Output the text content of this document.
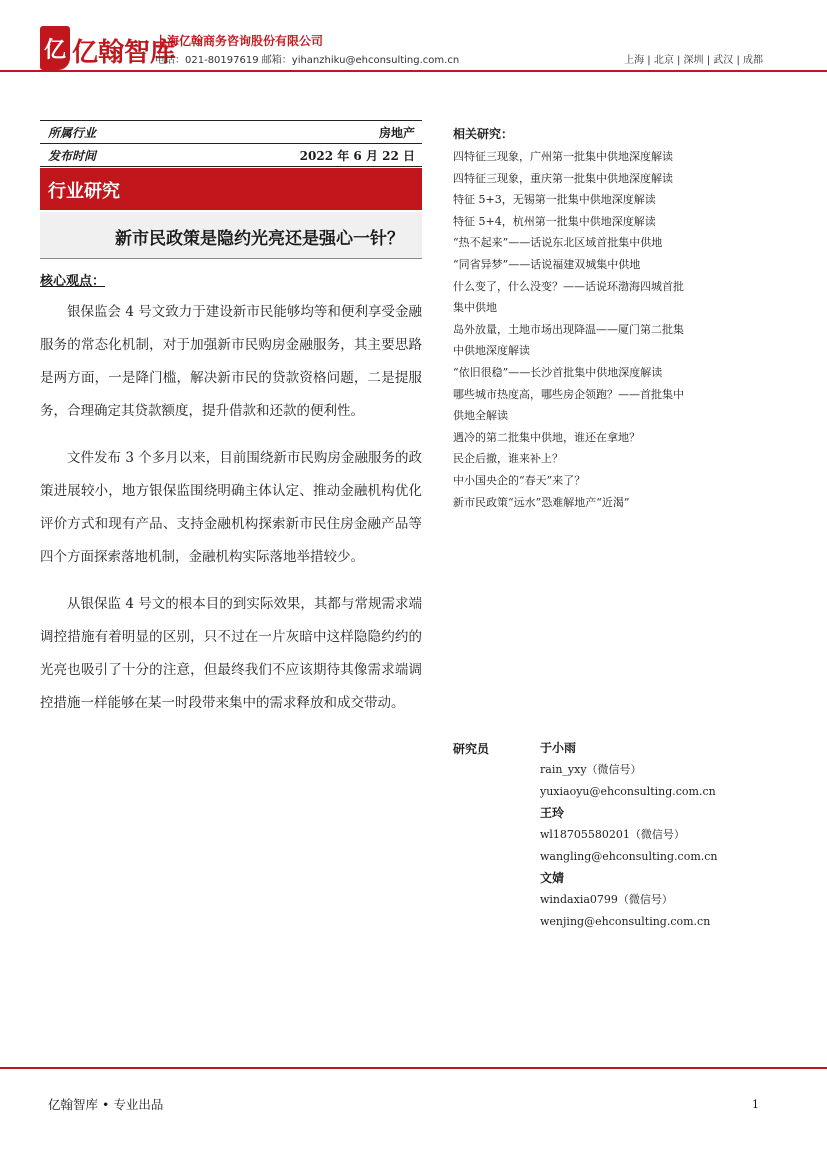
亿 亿翰智库
上海亿翰商务咨询股份有限公司
电话：021-80197619 邮箱：yihanzhiku@ehconsulting.com.cn	上海 | 北京 | 深圳 | 武汉 | 成都
所属行业	房地产
发布时间	2022 年 6 月 22 日
行业研究
新市民政策是隐约光亮还是强心一针？
核心观点：

银保监会 4 号文致力于建设新市民能够均等和便利享受金融服务的常态化机制，对于加强新市民购房金融服务，其主要思路是两方面，一是降门槛，解决新市民的贷款资格问题，二是提服务，合理确定其贷款额度，提升借款和还款的便利性。

文件发布 3 个多月以来，目前围绕新市民购房金融服务的政策进展较小，地方银保监围绕明确主体认定、推动金融机构优化评价方式和现有产品、支持金融机构探索新市民住房金融产品等四个方面探索落地机制，金融机构实际落地举措较少。

从银保监 4 号文的根本目的到实际效果，其都与常规需求端调控措施有着明显的区别，只不过在一片灰暗中这样隐隐约约的光亮也吸引了十分的注意，但最终我们不应该期待其像需求端调控措施一样能够在某一时段带来集中的需求释放和成交带动。

相关研究：
四特征三现象，广州第一批集中供地深度解读
四特征三现象，重庆第一批集中供地深度解读
特征 5+3，无锡第一批集中供地深度解读
特征 5+4，杭州第一批集中供地深度解读
“热不起来”——话说东北区域首批集中供地
“同省异梦”——话说福建双城集中供地
什么变了，什么没变？——话说环渤海四城首批
集中供地
岛外放量，土地市场出现降温——厦门第二批集
中供地深度解读
“依旧很稳”——长沙首批集中供地深度解读
哪些城市热度高，哪些房企领跑？——首批集中
供地全解读
遇冷的第二批集中供地，谁还在拿地？
民企后撤，谁来补上？
中小国央企的“春天”来了？
新市民政策“远水”恐难解地产“近渴”
研究员	于小雨
rain_yxy（微信号）
yuxiaoyu@ehconsulting.com.cn
王玲
wl18705580201（微信号）
wangling@ehconsulting.com.cn
文婧
windaxia0799（微信号）
wenjing@ehconsulting.com.cn
亿翰智库 • 专业出品	1
